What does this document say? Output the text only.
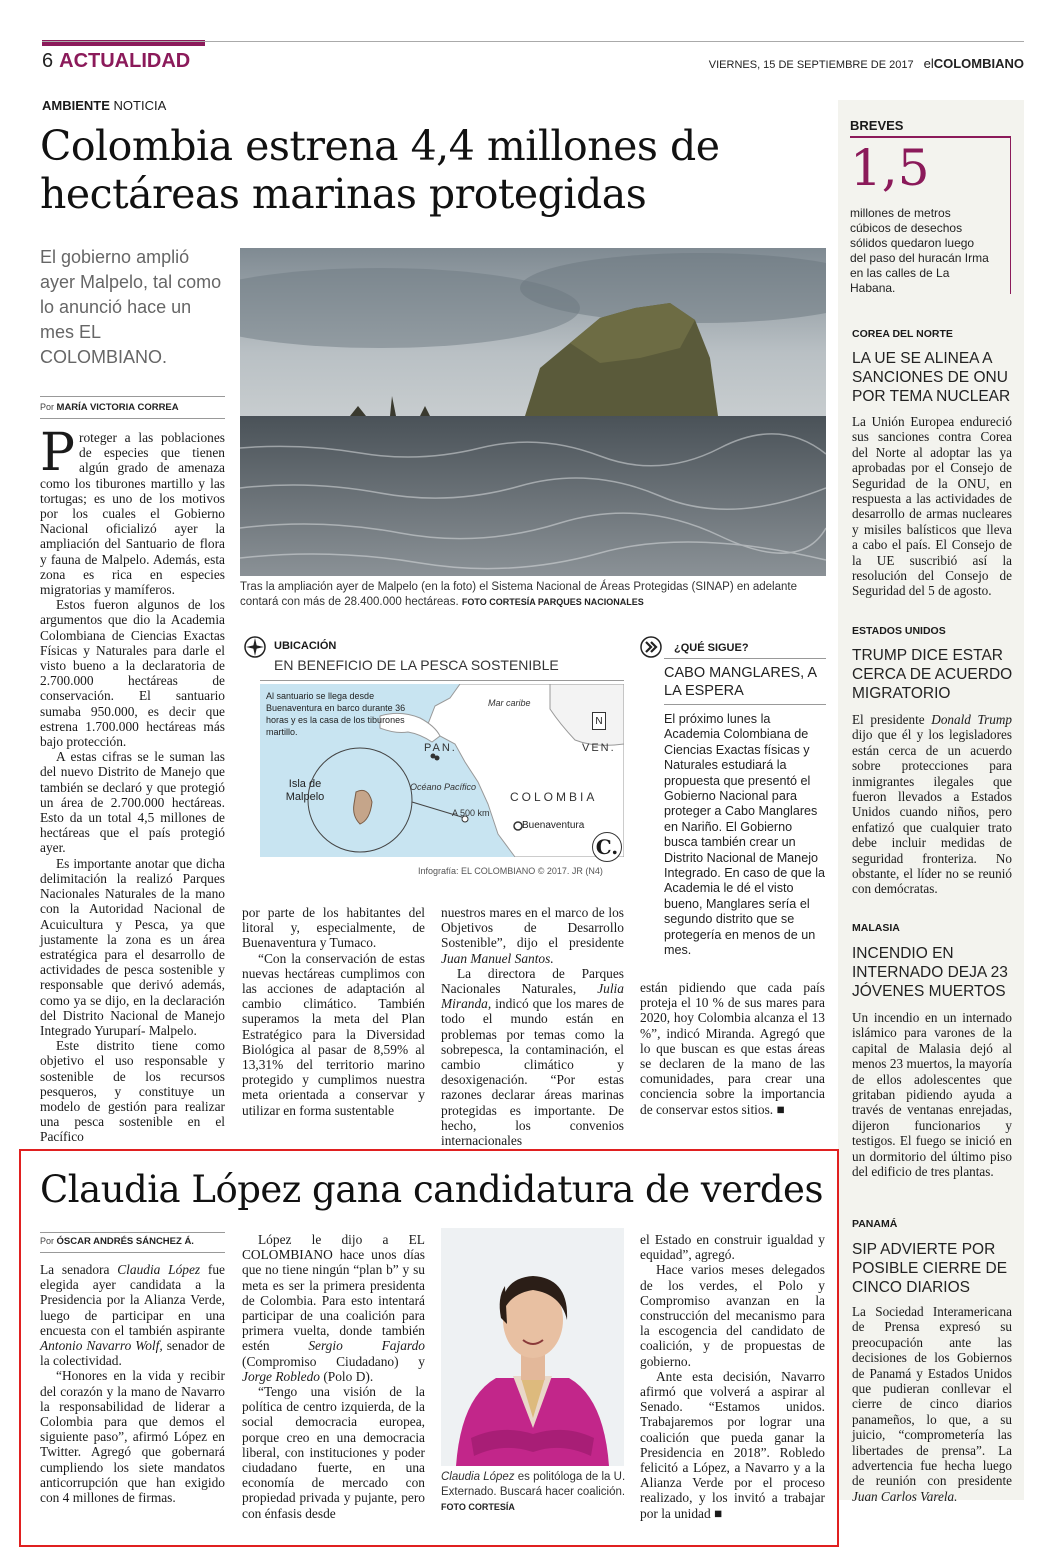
6 ACTUALIDAD	VIERNES, 15 DE SEPTIEMBRE DE 2017 elCOLOMBIANO
AMBIENTE NOTICIA
Colombia estrena 4,4 millones de hectáreas marinas protegidas
El gobierno amplió ayer Malpelo, tal como lo anunció hace un mes EL COLOMBIANO.
Por MARÍA VICTORIA CORREA

Proteger a las poblaciones de especies que tienen algún grado de amenaza como los tiburones martillo y las tortugas; es uno de los motivos por los cuales el Gobierno Nacional oficializó ayer la ampliación del Santuario de flora y fauna de Malpelo. Además, esta zona es rica en especies migratorias y mamíferos.

Estos fueron algunos de los argumentos que dio la Academia Colombiana de Ciencias Exactas Físicas y Naturales para darle el visto bueno a la declaratoria de 2.700.000 hectáreas de conservación. El santuario sumaba 950.000, es decir que estrena 1.700.000 hectáreas más bajo protección.

A estas cifras se le suman las del nuevo Distrito de Manejo que también se declaró y que protegió un área de 2.700.000 hectáreas. Esto da un total 4,5 millones de hectáreas que el país protegió ayer.

Es importante anotar que dicha delimitación la realizó Parques Nacionales Naturales de la mano con la Autoridad Nacional de Acuicultura y Pesca, ya que justamente la zona es un área estratégica para el desarrollo de actividades de pesca sostenible y responsable que derivó además, como ya se dijo, en la declaración del Distrito Nacional de Manejo Integrado Yuruparí- Malpelo.

Este distrito tiene como objetivo el uso responsable y sostenible de los recursos pesqueros, y constituye un modelo de gestión para realizar una pesca sostenible en el Pacífico

Tras la ampliación ayer de Malpelo (en la foto) el Sistema Nacional de Áreas Protegidas (SINAP) en adelante contará con más de 28.400.000 hectáreas. FOTO CORTESÍA PARQUES NACIONALES
UBICACIÓN
EN BENEFICIO DE LA PESCA SOSTENIBLE
Al santuario se llega desde Buenaventura en barco durante 36 horas y es la casa de los tiburones martillo.
Mar caribe
PAN.	VEN.
COLOMBIA
Océano Pacífico
A 500 km
Buenaventura
Isla de Malpelo
N
C.
Infografía: EL COLOMBIANO © 2017. JR (N4)
¿QUÉ SIGUE?
CABO MANGLARES, A LA ESPERA
El próximo lunes la Academia Colombiana de Ciencias Exactas físicas y Naturales estudiará la propuesta que presentó el Gobierno Nacional para proteger a Cabo Manglares en Nariño. El Gobierno busca también crear un Distrito Nacional de Manejo Integrado. En caso de que la Academia le dé el visto bueno, Manglares sería el segundo distrito que se protegería en menos de un mes.

por parte de los habitantes del litoral y, especialmente, de Buenaventura y Tumaco.

“Con la conservación de estas nuevas hectáreas cumplimos con las acciones de adaptación al cambio climático. También superamos la meta del Plan Estratégico para la Diversidad Biológica al pasar de 8,59% al 13,31% del territorio marino protegido y cumplimos nuestra meta orientada a conservar y utilizar en forma sustentable

nuestros mares en el marco de los Objetivos de Desarrollo Sostenible”, dijo el presidente Juan Manuel Santos.

La directora de Parques Nacionales Naturales, Julia Miranda, indicó que los mares de todo el mundo están en problemas por temas como la sobrepesca, la contaminación, el cambio climático y desoxigenación. “Por estas razones declarar áreas marinas protegidas es importante. De hecho, los convenios internacionales

están pidiendo que cada país proteja el 10 % de sus mares para 2020, hoy Colombia alcanza el 13 %”, indicó Miranda. Agregó que lo que buscan es que estas áreas se declaren de la mano de las comunidades, para crear una conciencia sobre la importancia de conservar estos sitios. ■

BREVES
1,5
millones de metros cúbicos de desechos sólidos quedaron luego del paso del huracán Irma en las calles de La Habana.
COREA DEL NORTE
LA UE SE ALINEA A SANCIONES DE ONU POR TEMA NUCLEAR
La Unión Europea endureció sus sanciones contra Corea del Norte al adoptar las ya aprobadas por el Consejo de Seguridad de la ONU, en respuesta a las actividades de desarrollo de armas nucleares y misiles balísticos que lleva a cabo el país. El Consejo de la UE suscribió así la resolución del Consejo de Seguridad del 5 de agosto.
ESTADOS UNIDOS
TRUMP DICE ESTAR CERCA DE ACUERDO MIGRATORIO
El presidente Donald Trump dijo que él y los legisladores están cerca de un acuerdo sobre protecciones para inmigrantes ilegales que fueron llevados a Estados Unidos cuando niños, pero enfatizó que cualquier trato debe incluir medidas de seguridad fronteriza. No obstante, el líder no se reunió con demócratas.
MALASIA
INCENDIO EN INTERNADO DEJA 23 JÓVENES MUERTOS
Un incendio en un internado islámico para varones de la capital de Malasia dejó al menos 23 muertos, la mayoría de ellos adolescentes que gritaban pidiendo ayuda a través de ventanas enrejadas, dijeron funcionarios y testigos. El fuego se inició en un dormitorio del último piso del edificio de tres plantas.
PANAMÁ
SIP ADVIERTE POR POSIBLE CIERRE DE CINCO DIARIOS
La Sociedad Interamericana de Prensa expresó su preocupación ante las decisiones de los Gobiernos de Panamá y Estados Unidos que pudieran conllevar el cierre de cinco diarios panameños, lo que, a su juicio, “comprometería las libertades de prensa”. La advertencia fue hecha luego de reunión con presidente Juan Carlos Varela.
Claudia López gana candidatura de verdes
Por ÓSCAR ANDRÉS SÁNCHEZ Á.

La senadora Claudia López fue elegida ayer candidata a la Presidencia por la Alianza Verde, luego de participar en una encuesta con el también aspirante Antonio Navarro Wolf, senador de la colectividad.

“Honores en la vida y recibir del corazón y la mano de Navarro la responsabilidad de liderar a Colombia para que demos el siguiente paso”, afirmó López en Twitter. Agregó que gobernará cumpliendo los siete mandatos anticorrupción que han exigido con 4 millones de firmas.

López le dijo a EL COLOMBIANO hace unos días que no tiene ningún “plan b” y su meta es ser la primera presidenta de Colombia. Para esto intentará participar de una coalición para primera vuelta, donde también estén	Sergio Fajardo (Compromiso Ciudadano) y Jorge Robledo (Polo D).

“Tengo una visión de la política de centro izquierda, de la social democracia europea, porque creo en una democracia liberal, con instituciones y poder ciudadano fuerte, en una economía de mercado con propiedad privada y pujante, pero con énfasis desde

Claudia López es politóloga de la U. Externado. Buscará hacer coalición. FOTO CORTESÍA

el Estado en construir igualdad y equidad”, agregó.

Hace varios meses delegados de los verdes, el Polo y Compromiso avanzan en la construcción del mecanismo para la escogencia del candidato de coalición, y de propuestas de gobierno.

Ante esta decisión, Navarro afirmó que volverá a aspirar al Senado. “Estamos unidos. Trabajaremos por lograr una coalición que pueda ganar la Presidencia en 2018”. Robledo felicitó a López, a Navarro y a la Alianza Verde por el proceso realizado, y los invitó a trabajar por la unidad ■
